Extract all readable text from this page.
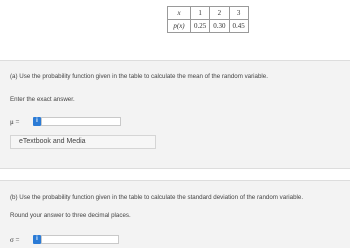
x	1	2	3
p(x)	0.25	0.30	0.45
(a) Use the probability function given in the table to calculate the mean of the random variable.
Enter the exact answer.
μ =	i
eTextbook and Media
(b) Use the probability function given in the table to calculate the standard deviation of the random variable.
Round your answer to three decimal places.
σ =	i
